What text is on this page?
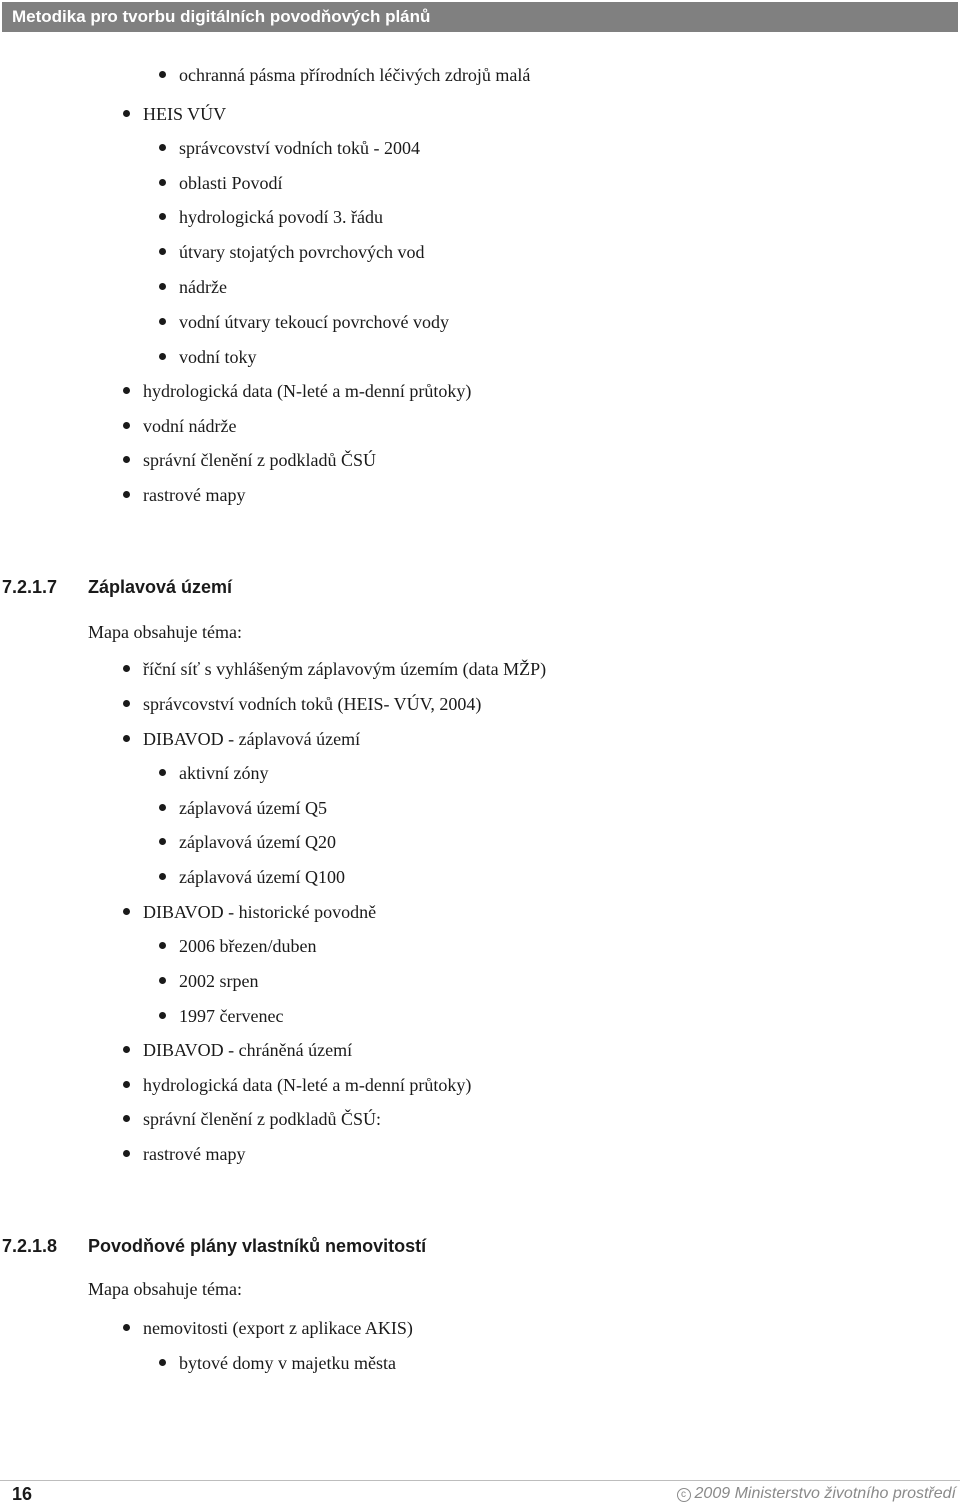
Metodika pro tvorbu digitálních povodňových plánů
ochranná pásma přírodních léčivých zdrojů malá
HEIS VÚV
správcovství vodních toků - 2004
oblasti Povodí
hydrologická povodí 3. řádu
útvary stojatých povrchových vod
nádrže
vodní útvary tekoucí povrchové vody
vodní toky
hydrologická data (N-leté a m-denní průtoky)
vodní nádrže
správní členění z podkladů ČSÚ
rastrové mapy
7.2.1.7 Záplavová území
Mapa obsahuje téma:
říční síť s vyhlášeným záplavovým územím (data MŽP)
správcovství vodních toků (HEIS- VÚV, 2004)
DIBAVOD - záplavová území
aktivní zóny
záplavová území Q5
záplavová území Q20
záplavová území Q100
DIBAVOD - historické povodně
2006 březen/duben
2002 srpen
1997 červenec
DIBAVOD - chráněná území
hydrologická data (N-leté a m-denní průtoky)
správní členění z podkladů ČSÚ:
rastrové mapy
7.2.1.8 Povodňové plány vlastníků nemovitostí
Mapa obsahuje téma:
nemovitosti (export z aplikace AKIS)
bytové domy v majetku města
16	c 2009 Ministerstvo životního prostředí
